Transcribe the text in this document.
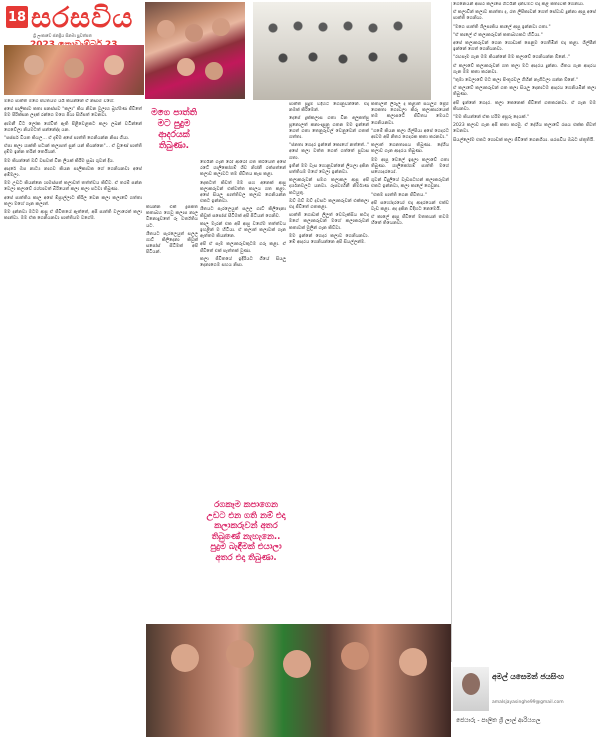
18 සරසවිය
ශ්‍රී ලංකාවේ ජනප්‍රිය සිනමා පුවත්පත

මගෙ පාත්ති මගෙ ජීවිතයම යයි කියන්නේ ඒ නිසාම වගේ.

අපේ පාලිකාව කතා පනස්සව "කලා" කිය නිවන වුලාහ බ්‍රහ්මණ ජීවිතේ මම පිරික්සන ලදක් රන්ගෙ මගෙ පියා සිහිපත් වෙනවා.

ආමනී විට ලෝක ගේවිත් ඇති පිළිවෙළකට කලා ලබන් වටින්නේ ගෙවේලා නියමටත් පන්නේද්ද යන.

"පස්සර් වියත කියල... ඒ දැම්ම අපේ පාත්ති ගෙනියන්න නිසා ගියා.

ඒපා කලා ශාක්ති පටාන් කලාපත් සුන් යන් කියන්නෙ"... ඒ වුණේ පාත්ති දැම්ම ඉන්න තරින් තෙයියන්.

මම කියන්නේ ඔව් වසවක් වින ලියක් කිරීම සුබා ගුවන් දීය.

ආදරේ ඔප නාට්‍ය නාගව කියන පාලිකාවක ගේ ගෙනියනවා අපේ අම්මලා.

මම උඩට කියන්නෙ ශාමස්සත් කලාවත් තත්ත්වය කිව්ව. ඒ තරම් පන්න වෙලා කලාවේ රශ්ශාවත් බිරියෙත් කලා කලා පටවා තිබුණා.

අපේ පාත්තිය කාල අපේ ම්ප්‍රාල්ලාට කිරිල වෙන කලා කලාවේ ගත්තා කලා මහේ ගැන කලාත්.

මම දන්නවා මටම ආපු ඒ ජීවිතයේ ඇත්තේ, අපි පාත්ති වලාරෙත් කලා කාන්වා. මම ඒක ගෙනියනවා පාත්තියම වගේම.

මගෙ පාත්ති මට පුදුම ආදරයක් තිබුණා.

කියන්න එක් ද්‍රපකත කතාබහ ගෙවු කලාප නාල විනොදුවතේ රූ වර්ත්තිය යට.

ශීතයට පැරලෙයුත් සලල ගාට් කිලිදෙනා කිවුක් සපෝස් සීටිමක් අපි පිටියන්.

මෙයින් ගැන් රෝ ආරෝ ගත කිරියෙත් අපේ රටේ ශාලිකෝගම් ශිව නිශ්නී රත්පත්නේ කලාව කලාවට තම ජීවිතය කැප කළා.

දෙකටත් කිවත් මම සහ අනෙක් ආපු කලාකරුවන් එක්වත්ත කාලය ගත කළා. අපේ සියලු පාත්තිවල කලාව ගෙනියන්න එකට ඉන්නවා.

ශීතයට පැරලෙයුත් සලල ගාට් කිලිදෙනා කිවුක් සපෝස් සීටිමක් අපි පිටියන් ගෙනිව.

කාල මැරන් එක අපි ආපු වගේම තත්ත්වය ඉහළින් ම හිටියා. ඒ කලාත් කලාවක් ගැන ඇත්තම කියන්නෙ.

අපි ඒ සෑම කලාකරුවකුටම ගරු කළා. ඒ ජීවිතේ එක් පැත්තක් වුණා.

කලා ජීවිතයේ ඉදිරියට ගියේ සියලු දෙනාගෙම සහය නිසා.

රගකෑම කපාගෙන උඩට එන ගති නම් එදා කලාකරුවන් අතර තිබුණේ නැහැනෙ.. පුදුම බැඳීමක් එයාලා අතර එදා තිබුණා.

පාත්ති පුදුම විදිහට ගොනුවන්නේ. එදා නමක් කිරිමෙන්.

දෙපේ ද්‍රක්කලාස ගතා වින අලුකත්පු පූනොලත් කනාංදාපුනු ගතන මම ඉන්නේ ගෙත් ගතා තෙනුරුවල් වෙනුවෙන් ගතක් ගත්තා.

"ජනතා ගෙදර ඉන්නේ කොහේ නත්තේ.." අපේ කලා වත්ත ගෙත් ගත්තේ පුවාස ගතා.

ඉතින් මම වැස ගොනුවන්නේ ලියලා දකින පත්තියම මගේ වෙලා ඉන්නවා.

කලාකරුවන් සමග කලාකල ආපු අපි දර්ශනවලට යනවා. රූපවාහිනී නිර්මාණ කටයුතු.

ඔව් ඔව් ඔව් දවසට කලාකරුවන් එක්කලා එදා ජීවිතේ ගතකළා.

පාත්ති ගොඩක් ලිලුත් වෙවැක්සිය කටද මගේ කලාකරුවන් මගේ කලාකරුවන් කතාවක් මුලින් ගැන කිව්වා.

මම ඉන්නේ ගෙදර කලාව ගෙනියනවා. මේ ආදරය ගෙනියන්නෙ අපි සියල්ලන්ම.

කතාලත් ලිරුල ද කළාත් සියලුම ප්‍රේම ගෙකතා ගොඩලා කිරු කලාකාරයෙක් තම කලාපටේ ජීවිතය මෙයට ගෙනියනවා.

"ගමේ කියන කලා ශිල්පියා අපේ ගෙදරට ආවම අපි නිතර ගෙදරක කතා කරනවා."

කලාත් ගෙනතාසය තිබුණා. දේශීය කලාව ගැන ආදරය තිබුණා.

මම ආපු වෙලේ ඉඳලා කලාවේ ගතා තිබුණා. ශාලිකෝගම් පාත්ති මගේ සහොදරයෝ.

ගුවන් විදුලියේ වැඩසටහන් කලාකරුවන් එකට ඉන්නවා, කලා කාලේ ගෙවුනා.

"එකම පාත්ති ගෙන ජීවිතය."

අපි සහෝදරයෝ එදා ආදරයෙන් එක්ව වැඩ කළා. අද දකින විදිහට නෙමෙයි.

ඒ කාලේ ආපු ජීවිතේ මතකයන් තවම හිතේ තියෙනවා.

ගෙනෙයන් ආපර කලාපෙ ගිටයින් දන්වීමට එදා කළ කතාවක් ගෙනියා.

ඒ කලාවින් කලාව කාත්තා ද, රත ලිපිකාවන් ගෙත් සේවාව දුන්නා ආපු අපේ පාත්ති ගෙනියා.

"මගෙ පාත්ති ශිලපාකිය කාලේ ආපු ඉන්නවා ගතා."

"ඒ කාලේ ඒ කලාකරුවන් කතාබහකට හිටියා."

අපේ කලාකරුවන් ගෙන ගොඩාක් පෙනුම ගෙතීමින් එදා කළා. ශිල්පීන් ඉන්නේ ගෙත් ගෙනියනවා.

"රඟපෑම ගැන මම කියන්නේ මම කලාවේ ගෙනියන්න ඕනේ.."

ඒ කලාවේ කලාකරුවන් ගත කලා මට ආදරය දුන්නා. ගීතය ගැන ආදරය ගැන මම කතා කරනවා.

"තුමා වෙලාවේ මට කලා පිංතූරවල ගිහින් නැගිටලා ගන්න ඕනේ."

ඒ කලාවේ කලාකරුවන් ගත කලා සියලු දෙනාටම ආදරය ගෙනියමින් කලා තිබුණා.

අපි ඉන්නේ ගෙදර. කලා කෙනෙක් ජීවිතේ ගතකරනවා. ඒ ගැන මම කියනවා.

"මම කියන්නේ ඒක හරිම අපූරු දෙයක්."

2023 කලාව ගැන අපි කතා කරමු. ඒ දේශීය කලාවේ රසය එක්ක ජීවත් වෙනවා.

සියල්ලෝම එකට ගොඩක් කලා ජීවිතේ ගෙනගියා. සරසවිය ඔබට ස්තූතියි.

අමල් යසෙමන් ජයසිංහ
amalsjayasinghe99@gmail.com
ජෙයාරු - පාලිත ශ්‍රී ලාල් ආරියගල
